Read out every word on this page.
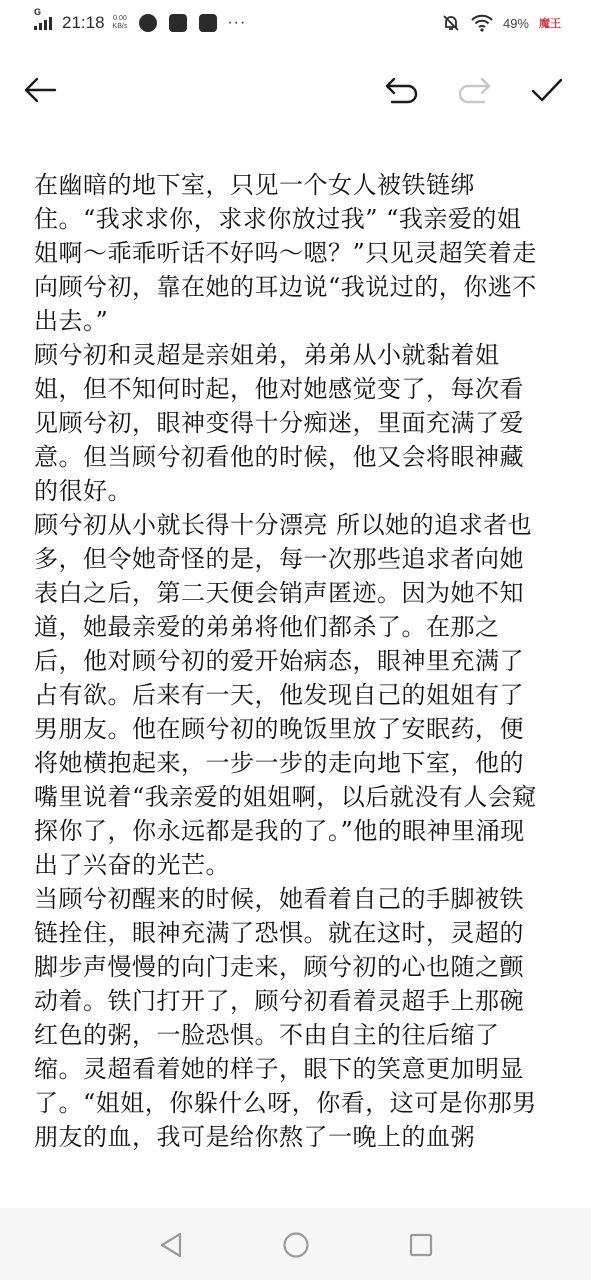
G
21:18 0.00
KB/s	···	49% 魔王
在幽暗的地下室，只见一个女人被铁链绑住。“我求求你，求求你放过我” “我亲爱的姐姐啊～乖乖听话不好吗～嗯？”只见灵超笑着走向顾兮初，靠在她的耳边说“我说过的，你逃不出去。”
顾兮初和灵超是亲姐弟，弟弟从小就黏着姐姐，但不知何时起，他对她感觉变了，每次看见顾兮初，眼神变得十分痴迷，里面充满了爱意。但当顾兮初看他的时候，他又会将眼神藏的很好。
顾兮初从小就长得十分漂亮 所以她的追求者也多，但令她奇怪的是，每一次那些追求者向她表白之后，第二天便会销声匿迹。因为她不知道，她最亲爱的弟弟将他们都杀了。在那之后，他对顾兮初的爱开始病态，眼神里充满了占有欲。后来有一天，他发现自己的姐姐有了男朋友。他在顾兮初的晚饭里放了安眠药，便将她横抱起来，一步一步的走向地下室，他的嘴里说着“我亲爱的姐姐啊，以后就没有人会窥探你了，你永远都是我的了。”他的眼神里涌现出了兴奋的光芒。
当顾兮初醒来的时候，她看着自己的手脚被铁链拴住，眼神充满了恐惧。就在这时，灵超的脚步声慢慢的向门走来，顾兮初的心也随之颤动着。铁门打开了，顾兮初看着灵超手上那碗红色的粥，一脸恐惧。不由自主的往后缩了缩。灵超看着她的样子，眼下的笑意更加明显了。“姐姐，你躲什么呀，你看，这可是你那男朋友的血，我可是给你熬了一晚上的血粥
